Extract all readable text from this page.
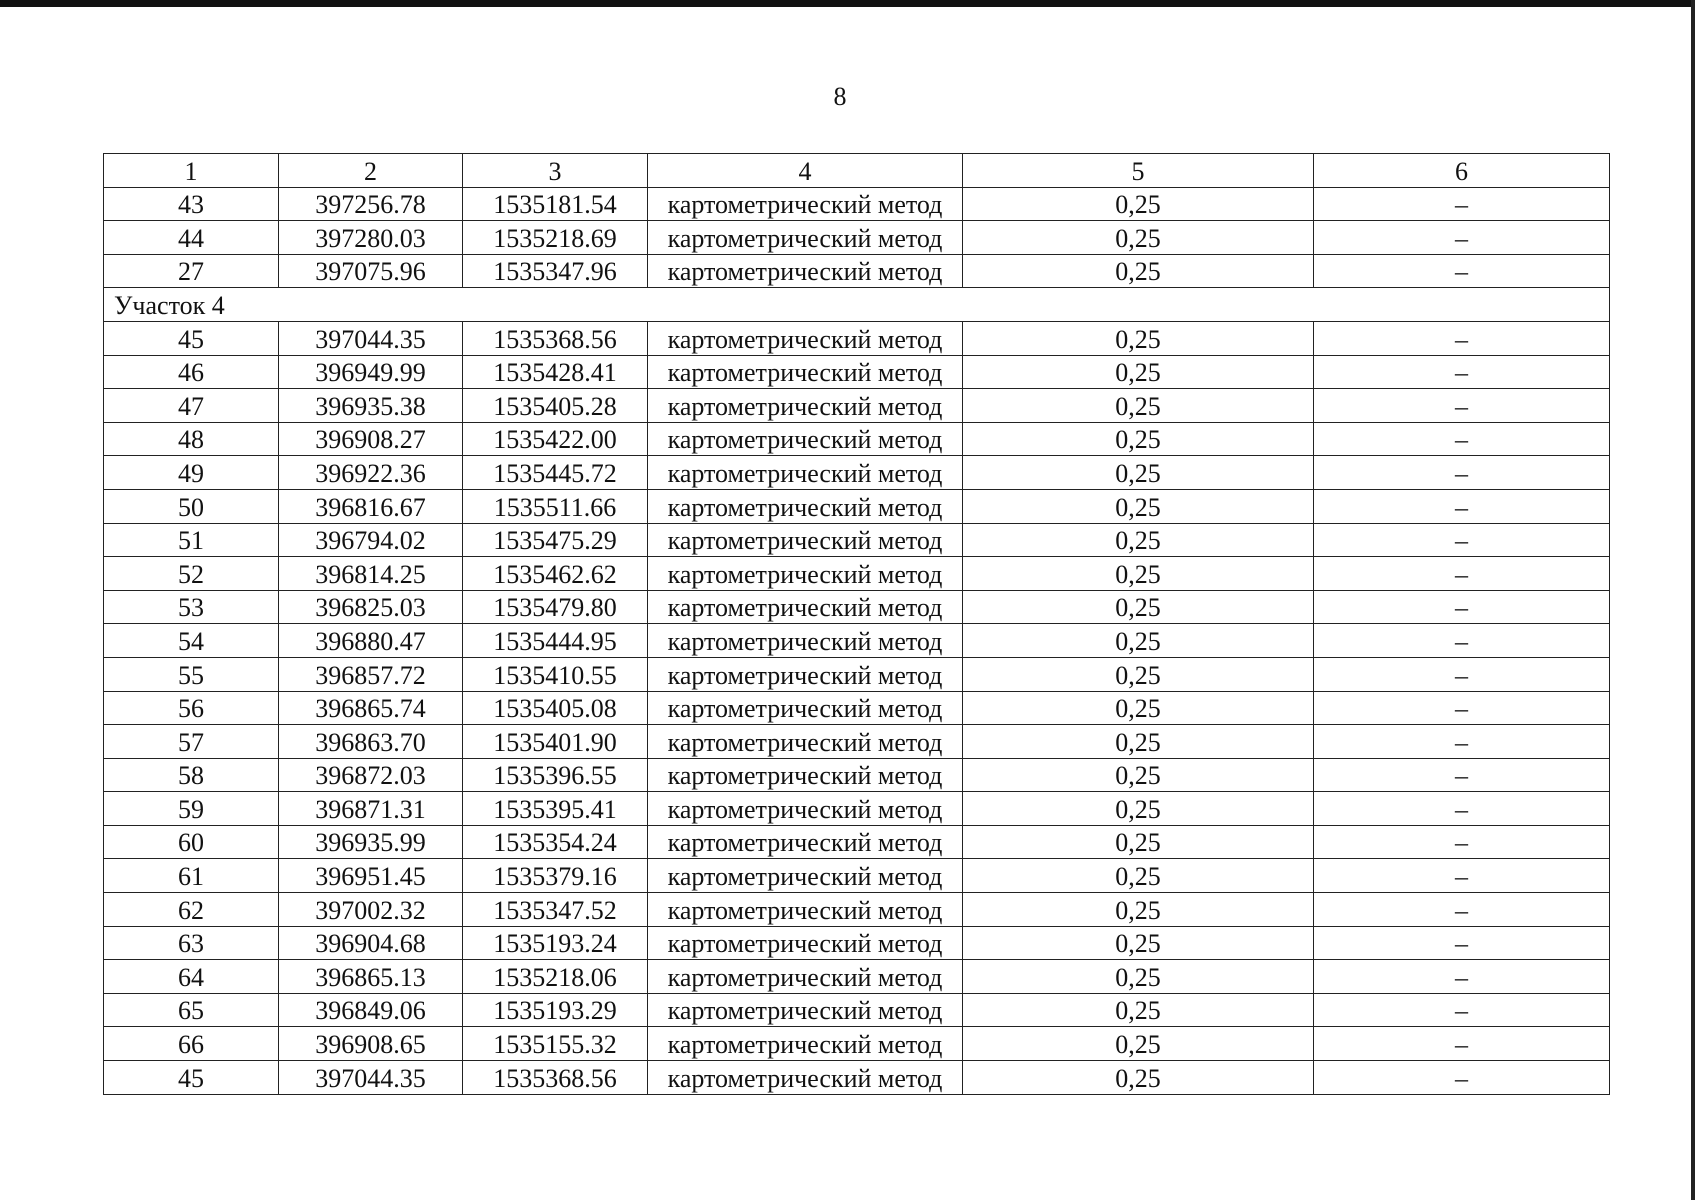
8
1	2	3	4	5	6
43	397256.78	1535181.54	картометрический метод	0,25	–
44	397280.03	1535218.69	картометрический метод	0,25	–
27	397075.96	1535347.96	картометрический метод	0,25	–
Участок 4					
45	397044.35	1535368.56	картометрический метод	0,25	–
46	396949.99	1535428.41	картометрический метод	0,25	–
47	396935.38	1535405.28	картометрический метод	0,25	–
48	396908.27	1535422.00	картометрический метод	0,25	–
49	396922.36	1535445.72	картометрический метод	0,25	–
50	396816.67	1535511.66	картометрический метод	0,25	–
51	396794.02	1535475.29	картометрический метод	0,25	–
52	396814.25	1535462.62	картометрический метод	0,25	–
53	396825.03	1535479.80	картометрический метод	0,25	–
54	396880.47	1535444.95	картометрический метод	0,25	–
55	396857.72	1535410.55	картометрический метод	0,25	–
56	396865.74	1535405.08	картометрический метод	0,25	–
57	396863.70	1535401.90	картометрический метод	0,25	–
58	396872.03	1535396.55	картометрический метод	0,25	–
59	396871.31	1535395.41	картометрический метод	0,25	–
60	396935.99	1535354.24	картометрический метод	0,25	–
61	396951.45	1535379.16	картометрический метод	0,25	–
62	397002.32	1535347.52	картометрический метод	0,25	–
63	396904.68	1535193.24	картометрический метод	0,25	–
64	396865.13	1535218.06	картометрический метод	0,25	–
65	396849.06	1535193.29	картометрический метод	0,25	–
66	396908.65	1535155.32	картометрический метод	0,25	–
45	397044.35	1535368.56	картометрический метод	0,25	–
